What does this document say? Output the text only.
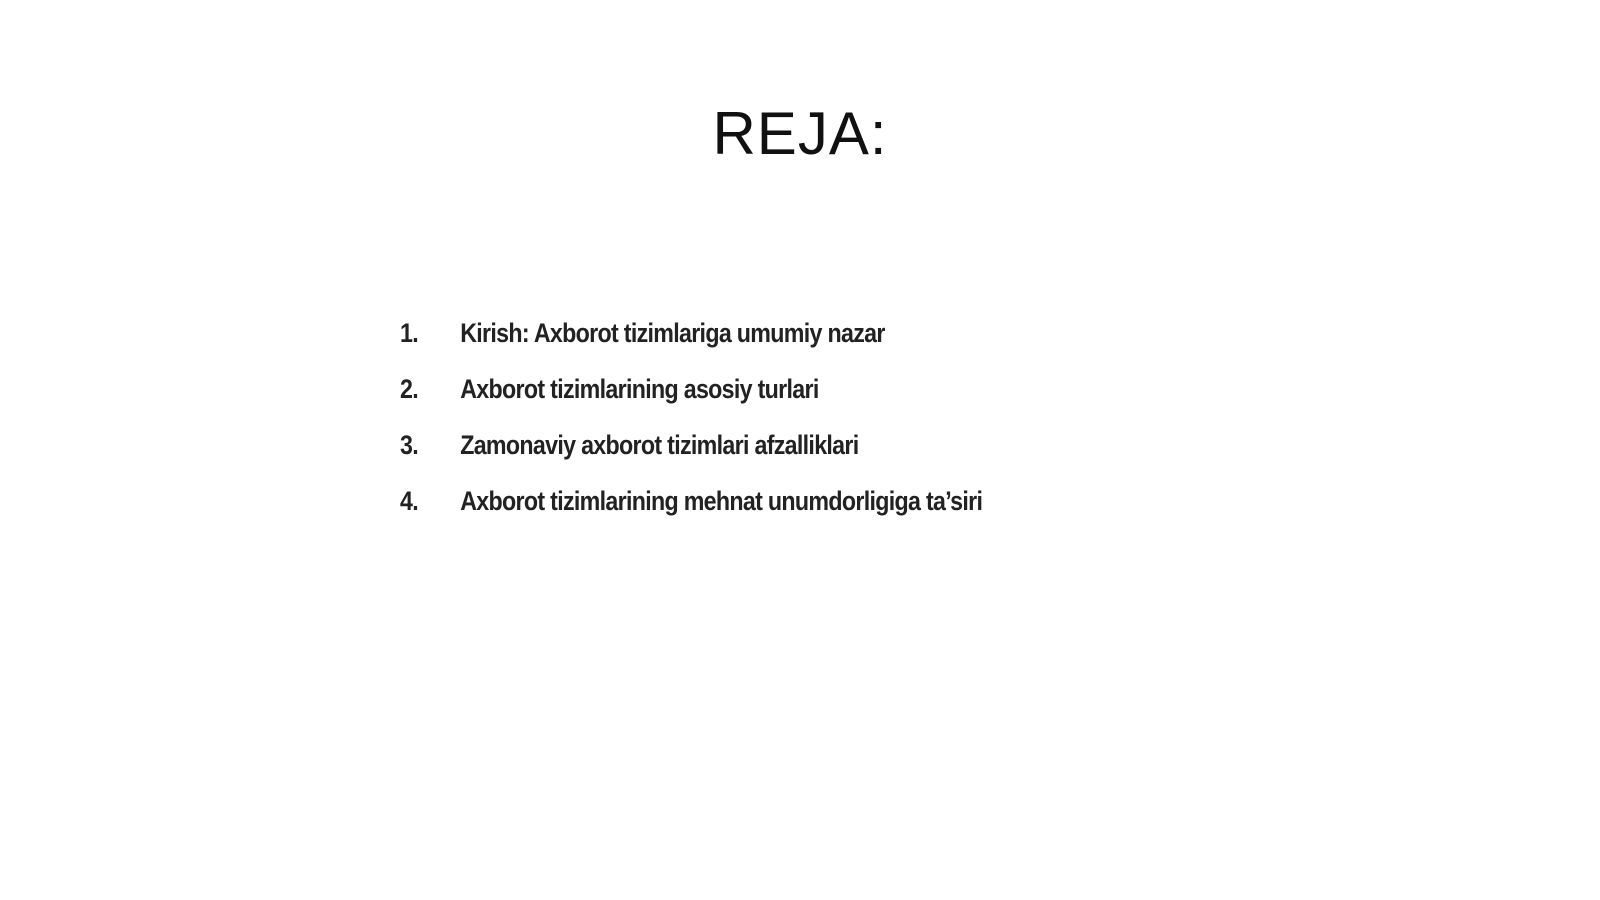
REJA:
1.	Kirish: Axborot tizimlariga umumiy nazar
2.	Axborot tizimlarining asosiy turlari
3.	Zamonaviy axborot tizimlari afzalliklari
4.	Axborot tizimlarining mehnat unumdorligiga ta’siri
